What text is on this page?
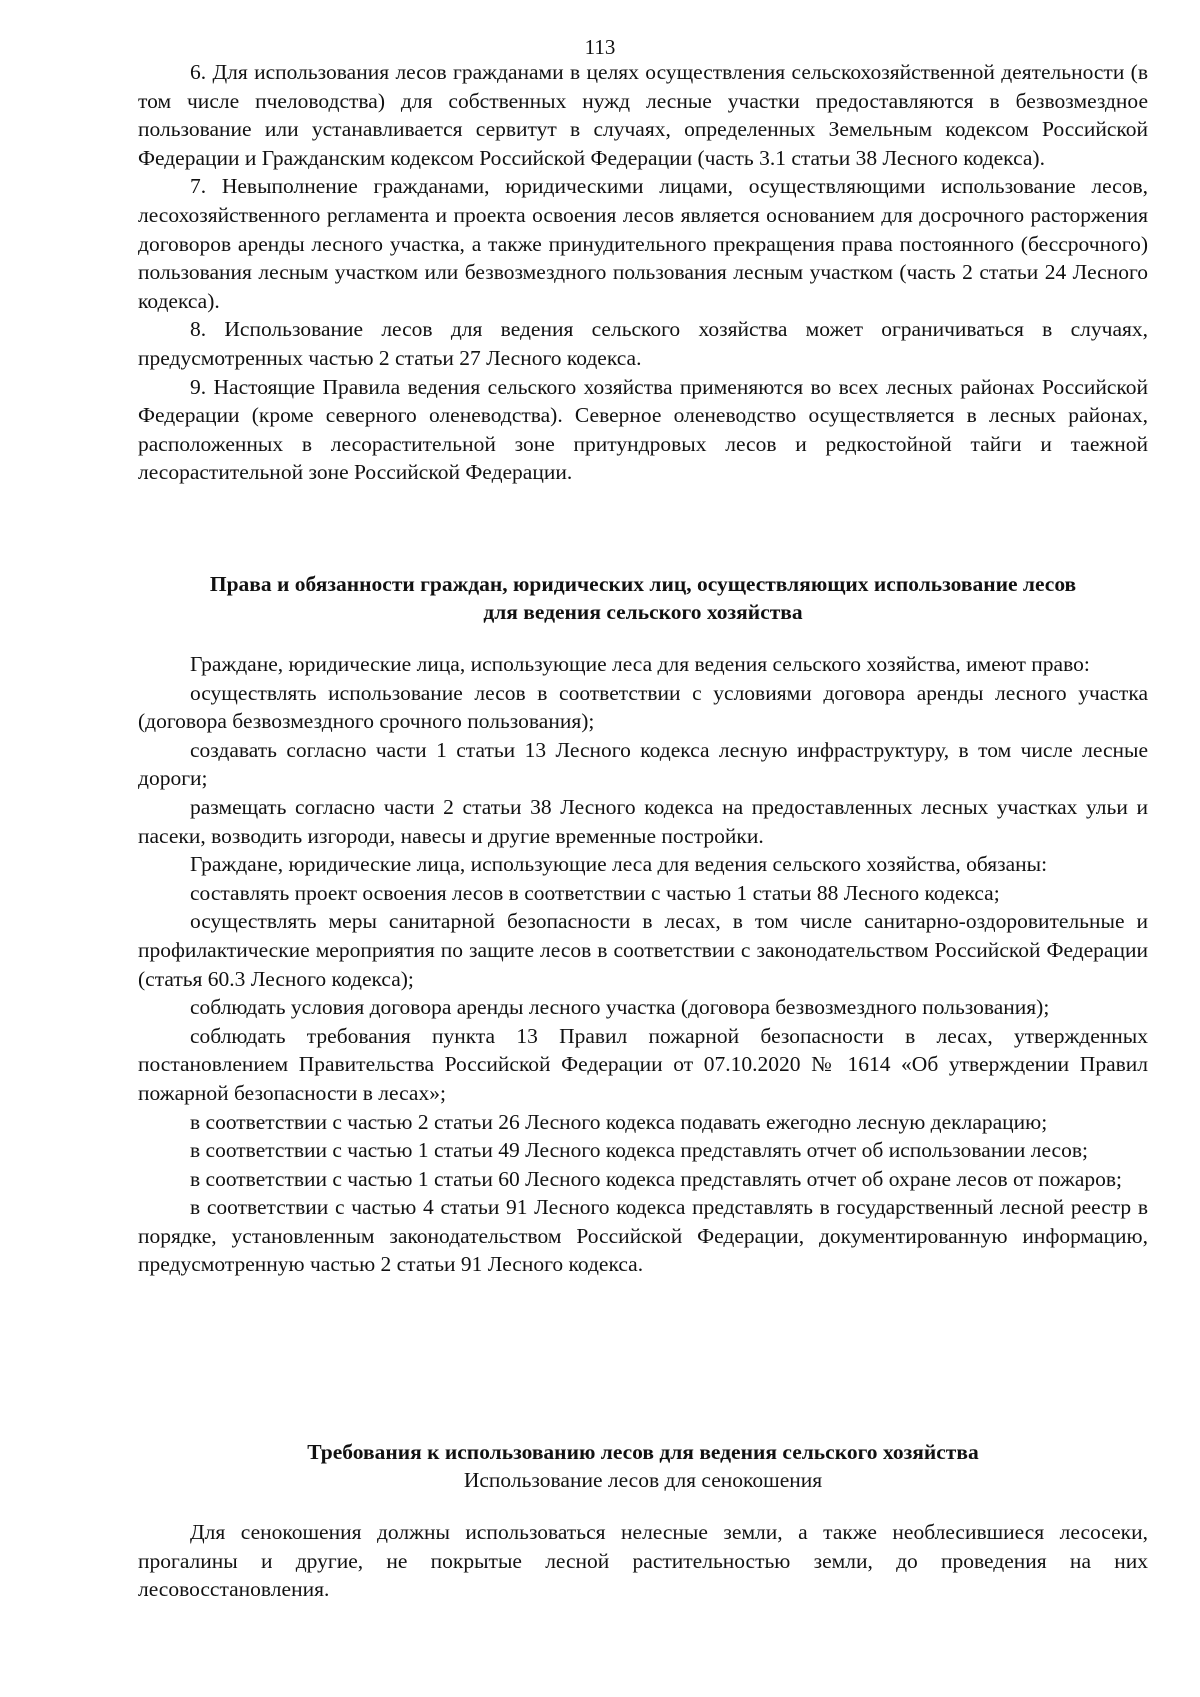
113

6. Для использования лесов гражданами в целях осуществления сельскохозяйственной деятельности (в том числе пчеловодства) для собственных нужд лесные участки предоставляются в безвозмездное пользование или устанавливается сервитут в случаях, определенных Земельным кодексом Российской Федерации и Гражданским кодексом Российской Федерации (часть 3.1 статьи 38 Лесного кодекса).

7. Невыполнение гражданами, юридическими лицами, осуществляющими использование лесов, лесохозяйственного регламента и проекта освоения лесов является основанием для досрочного расторжения договоров аренды лесного участка, а также принудительного прекращения права постоянного (бессрочного) пользования лесным участком или безвозмездного пользования лесным участком (часть 2 статьи 24 Лесного кодекса).

8. Использование лесов для ведения сельского хозяйства может ограничиваться в случаях, предусмотренных частью 2 статьи 27 Лесного кодекса.

9. Настоящие Правила ведения сельского хозяйства применяются во всех лесных районах Российской Федерации (кроме северного оленеводства). Северное оленеводство осуществляется в лесных районах, расположенных в лесорастительной зоне притундровых лесов и редкостойной тайги и таежной лесорастительной зоне Российской Федерации.

Права и обязанности граждан, юридических лиц, осуществляющих использование лесов

для ведения сельского хозяйства

Граждане, юридические лица, использующие леса для ведения сельского хозяйства, имеют право:

осуществлять использование лесов в соответствии с условиями договора аренды лесного участка (договора безвозмездного срочного пользования);

создавать согласно части 1 статьи 13 Лесного кодекса лесную инфраструктуру, в том числе лесные дороги;

размещать согласно части 2 статьи 38 Лесного кодекса на предоставленных лесных участках ульи и пасеки, возводить изгороди, навесы и другие временные постройки.

Граждане, юридические лица, использующие леса для ведения сельского хозяйства, обязаны:

составлять проект освоения лесов в соответствии с частью 1 статьи 88 Лесного кодекса;

осуществлять меры санитарной безопасности в лесах, в том числе санитарно-оздоровительные и профилактические мероприятия по защите лесов в соответствии с законодательством Российской Федерации (статья 60.3 Лесного кодекса);

соблюдать условия договора аренды лесного участка (договора безвозмездного пользования);

соблюдать требования пункта 13 Правил пожарной безопасности в лесах, утвержденных постановлением Правительства Российской Федерации от 07.10.2020 № 1614 «Об утверждении Правил пожарной безопасности в лесах»;

в соответствии с частью 2 статьи 26 Лесного кодекса подавать ежегодно лесную декларацию;

в соответствии с частью 1 статьи 49 Лесного кодекса представлять отчет об использовании лесов;

в соответствии с частью 1 статьи 60 Лесного кодекса представлять отчет об охране лесов от пожаров;

в соответствии с частью 4 статьи 91 Лесного кодекса представлять в государственный лесной реестр в порядке, установленным законодательством Российской Федерации, документированную информацию, предусмотренную частью 2 статьи 91 Лесного кодекса.

Требования к использованию лесов для ведения сельского хозяйства

Использование лесов для сенокошения

Для сенокошения должны использоваться нелесные земли, а также необлесившиеся лесосеки, прогалины и другие, не покрытые лесной растительностью земли, до проведения на них лесовосстановления.
